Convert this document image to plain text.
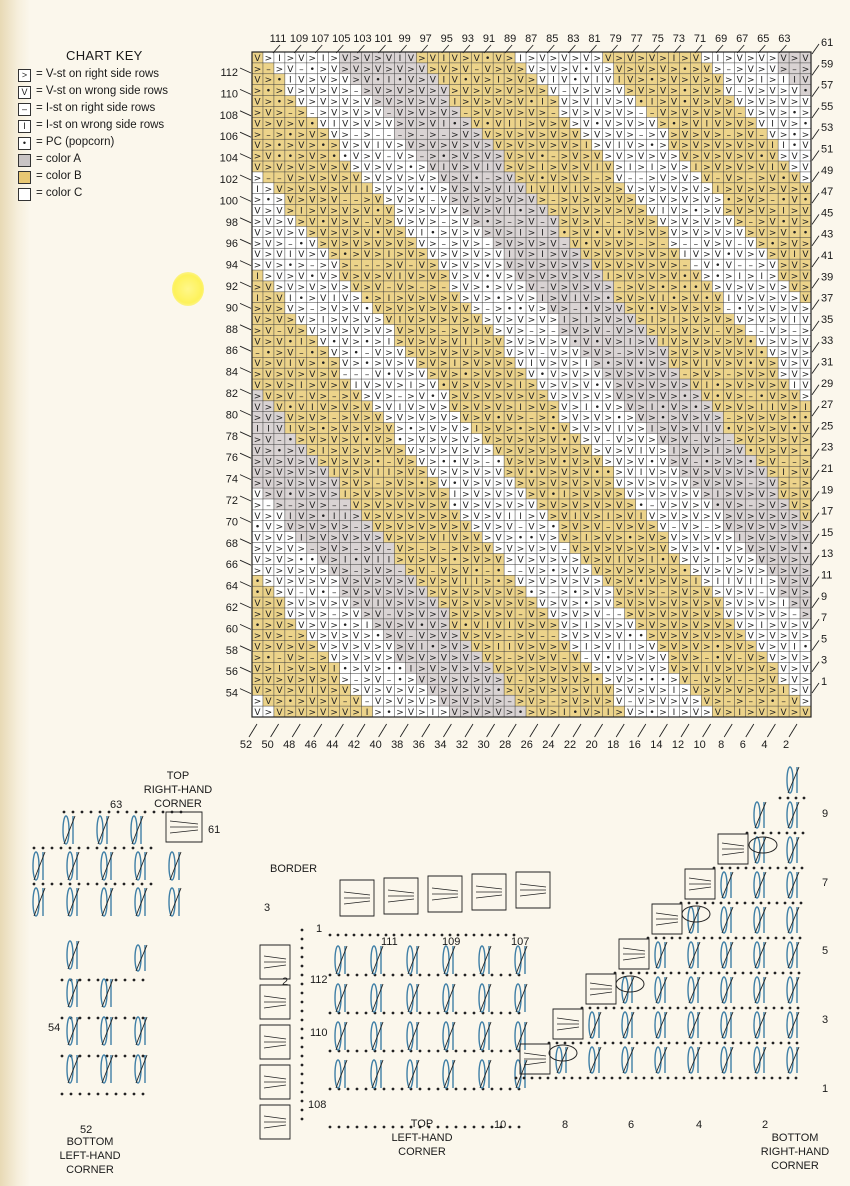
CHART KEY
> = V-st on right side rows
V = V-st on wrong side rows
– = I-st on right side rows
I = I-st on wrong side rows
• = PC (popcorn)
= color A
= color B
= color C
V > I > V > I > V > V > V I V > V I V > V • V > I > V > V > V > V > V > V > I > V > I > V > V > V > V
> – > V – • > V > V > V > V > V > V > V – V > V > V > V > V • V > V > V > V > • > V > – > V > V > – >
V > • I V > V > V > V • I • V > V I V • V > I > V > V I V • V I V I V > • > V > V > V > V > I > I I V
> • > V > V > V > – > V > V > V > V > V > V > V > V > V – V > V > V > V > V > • > V > V – V > V > V •
V > • > V > V > V > V > V > V > V > I > V > V > V • I > V > V I V > V • I > V • V > V > V > V > V > V
> V > – > – > V > V > V – V > V > V > – > V > V > V > – > V > V > V > – – V > V > V > V – V > V > • >
V > V > V • V I V > V > V > V > V I • > V • V I I > V > V > V • V > V > V > • > V I V > V > V I V > •
> – > • > V > V > – > – – – > – > – > V > V > V > V > V > V > V > V > – > V > V > V > – > V – V > • >
V > • > V > • > V > V I V > V > V > V > V > V > V > V > V > I > V I V > • > V > V > V > V > V I I • V
> V • • > V > • • V > V – V > – > • > V > V > V > V • – > V > V > V > V > V > V > V > V > V • V > V >
V > V > V > V > V > V > V > • > V I V > V I V > V > I > V > V I V > I > I > V > I > V > V > V I V > V
> – – V > V > V > V > V > V > V > V > V • – > V > V • V > V > – > V – – > V > V > V – V > – > V • V >
I > V > V > V > V I I > V > V • V > V > V > V I V I V I V I V > V > V > V > V > V > I > V > V > V > V
> • > V > V > V – – > V > V > V – V > V > V > V > V > – > V > V > V > V > V > V > V > • > V > – • V •
V > V > I > V > V > V • V > V > V > V > V > V I • > V > V > V > V > V > V I V > • > V > V > V > I > V
> V > V > V • V > V – V > V > V > – > V > • > – > V – V > V > V – – > V > V > V > V > V > – > V • V >
V > V > V > V > V > V • V > V I • > V > V > V > I > I > • > V • V • V > V > V > V > V > V > V > V • •
> V > – • V > V > V > V > V > V > – > V > – > V > V > V – V • V > V > – > – > – – V > V – V > • > V >
V > V I V > V > • > V > I > V > V > V > V > V I V > I > V > V > V > V > V > V I V > V • V > V > V I V
> V > • > – > V > – – – > V – V > V > V > V > V > V > V > V > V > V > V > V > – – V • V – – > V > V >
I > V > V • V > V > V > V I V > V > V > V • V > V > V > V > V > I > V > V > V • V > • > I > I > V > V
> V > V > V > V > V > V – V > – > – > V > • > V > V – V > V > V > – > V > • > • • V > V > V > V > V >
I > V I • > V I V > • > I > V > V > V > V > • > V > I > V I V > • > V > V I • > V • V I V > V > V > V
> V > V > – > V > V • V > V > V > V > V > – > • • V > V > – • V > V > V • V > V > V > – • V > V > V >
V > V > V > I > V > V > V I V > V > V > V > V > V > V > I > I > V > V > I > I > V > V > V > V > V I V
> V – V > V > V > V > V > V > V > – > V > V > V > – > – > V > V – V > V > V > V > V – V > – – V > – >
V > V • I > V • V > • > I > V > V > V I I > V > V > V > V • V • V > I > V I V > V > V > V • V > V > V
– • > V – • > V > • – V > V > V > V > V > V > V > V – V > V > V > – > V > V > V > V > V > V • V > V >
V > V I V > • > V > • > V > V > V > I > V > V > V I V > V > I > • > V • V > V > V I V > V • V > V > V
> V > V > V > V – – – V • V > V > V > • > V > V > V • V > V > V > V > V > V > – > V > – > V > V > V >
V > V > I > V > V I V > V > I > V • V > V > V > I > V > V > V • V > V > V > V > V I • > V > V > V I V
> V > V – V > – > V > V > – > V • V > V > V > V > V > V > V > V > V > V > V > • > V • V > – • V > V >
V > V • V I V > V > V > V I V > V > V > V > V > I > V > V > I • V > V > I • V > • > V > V > I I V > I
> V > V > V > – > V > V > V > V > V > V > V • V > – > • > V > V > • > V > • > V > V > – > V > V > • •
I I V I V > • > V > V > V > • > V > V > I > V > • > V • V > V > V I V > I > V > V I V • V > V > V • V
> V – • > V > V > V • V > • > V > V > V > V > V > V > V • V > V – V > V > V > V – V > – > V > V > V >
V > • > V > I > V > V > V > V > V > V > V > V > V > V > V > V > V > V I V > I > V > I > V • V > V > •
> V > V > V > V > V > • – V > V > • • V > – • V > V > V • V > V > V > V • V > V – • > V > • > V – – >
V > V > V > V I V > V I I > V > V > V > V > V > V • V > V > V • • > V I V > V > V > V > V > V > I > V
> V > V > V > V > V > – > V > • > V • V > V > V > V > V > V > V > V > V > V > V > V > V > – > V > – >
V > V • V > V > I > V > V > V > V > I > V > V > V > V • I > V > V > V > V > V > V > I > V > V > V > V
> – > – > V > – – V > V > V > V > V • V > V > V > V > V > V > V > V > • – V > V > V • V > – > V > V >
V > V I V > • I I > V > V > V > V > V > V > V I I > V > V I V > I > V I V > V > V > V > V > V > V > V
• V > V > V > V > – > V > V > V > V > V > V > V – V > • > V > V – V > V > V – V > – > V > V > V > V >
V > V > I > V > V > V > V > V > V I V > V > V > • • V > V > I > V > • > V > V > V > V > I > V > V > V
> V > V > – > V > – > V – V > – > – > V > V > V > V > V – V > V > V > V > V > V > V • V > V > V > V •
V > V > • • V > I • V I I > V > V > • > V > V > V > V > V > V > V I V > I • V > V > I > V > V > V > V
> V > V > V > V > – > V > – > V – V > V • – • – – V > • > V > V > V > V > V > • > V > V > V > V > V >
• > V > V > V > V > V > V > V > V > V I I > • > V > V > V > V > V > V • V > V > I > I I V I I > V > V
• V > V – V • – > V > V > V > V > V > V > V > V > • > – > • > V > V > V > – > V > V > V > V – V > V >
V > V > V > V > V > V I V > V > V > V > V > V > V > V > V > • > V > V > V > V > V > V > V > V > I > V
> V > V > V > – > V > V – V > V > V > V > V > V – V > V > V > V – – > V > V > V > V > V > V > V > – >
• > V > V > V > • > I > V > V • V > V • V I V I V > V > V > I > V > V > V > V > V > V > V > I > V > V
> V > – > V > V > V > • > V – V > V > V > V > – > V – – > V > V > V • • > V > V > V > V > V > V > V >
V > V > V > V > V > V > V > V I • > V > V > I I V > V > V > I > V I I > V > V > V > • > V > V > V I •
> • – V > – > V > V > V > V > V > V > V > V > – > V > V – V – V • V > V > V > V > – • V – V > V > V >
V > I > V > V I • > V > • • I > V > V > V > V > V > V > V > V > V > V > V > V > V I V > V > V > V > V
> V > V > V > V > – > V – • > V > V > V > V > V – V > V > V > • > V > • • • > V – V > V – – > V > V >
V > V > V I V > V > V > V > V > V > V > V > • > V > V > V > V I V > V > V > I > V > V > V > V > I > V
> V > • > V > V – V – V > V > V > V > V > V > – > V > – > V > V > V – V > V > V > V > – > – > • – V >
V > V > V > V > V > I > • > V > I > V > V > V > • > V > I • V > I > V > • > I > V > V > I > V > V > V
111 109 107 105 103 101 99 97 95 93 91 89 87 85 83 81 79 77 75 73 71 69 67 65 63
112
110
108
106
104
102
100
98
96
94
92
90
88
86
84
82
80
78
76
74
72
70
68
66
64
62
60
58
56
54
61
59
57
55
53
51
49
47
45
43
41
39
37
35
33
31
29
27
25
23
21
19
17
15
13
11
9
7
5
3
1
52 50 48 46 44 42 40 38 36 34 32 30 28 26 24 22 20 18 16 14 12 10 8 6 4 2
TOP
RIGHT-HAND
CORNER
63
61
BOTTOM
LEFT-HAND
CORNER
54
52
BORDER
3
2
1
111	109	107
112
110
108
TOP
LEFT-HAND
CORNER
9
7
5
3
1
10	8	6	4	2
BOTTOM
RIGHT-HAND
CORNER
